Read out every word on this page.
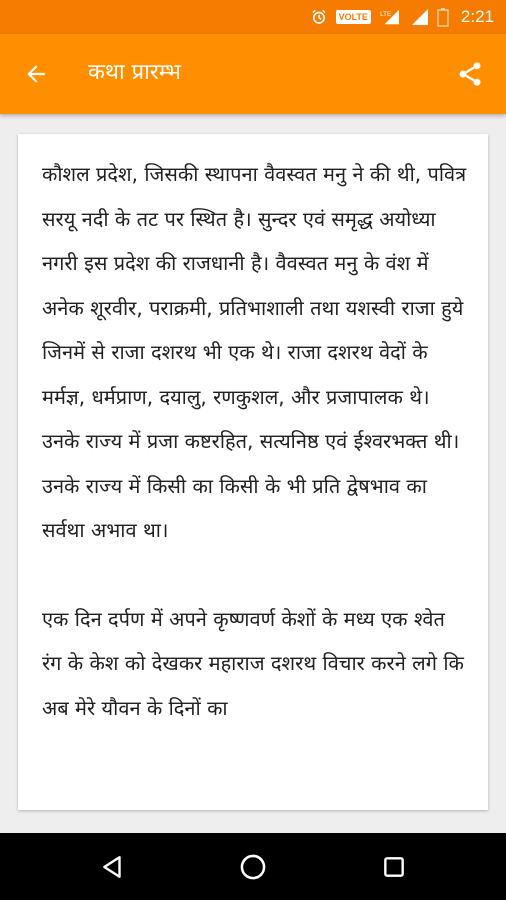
VOLTE	LTE	2:21
कथा प्रारम्भ

कौशल प्रदेश, जिसकी स्थापना वैवस्वत मनु ने की थी, पवित्र सरयू नदी के तट पर स्थित है। सुन्दर एवं समृद्ध अयोध्या नगरी इस प्रदेश की राजधानी है। वैवस्वत मनु के वंश में अनेक शूरवीर, पराक्रमी, प्रतिभाशाली तथा यशस्वी राजा हुये जिनमें से राजा दशरथ भी एक थे। राजा दशरथ वेदों के मर्मज्ञ, धर्मप्राण, दयालु, रणकुशल, और प्रजापालक थे। उनके राज्य में प्रजा कष्टरहित, सत्यनिष्ठ एवं ईश्वरभक्त थी। उनके राज्य में किसी का किसी के भी प्रति द्वेषभाव का सर्वथा अभाव था।

एक दिन दर्पण में अपने कृष्णवर्ण केशों के मध्य एक श्वेत रंग के केश को देखकर महाराज दशरथ विचार करने लगे कि अब मेरे यौवन के दिनों का
